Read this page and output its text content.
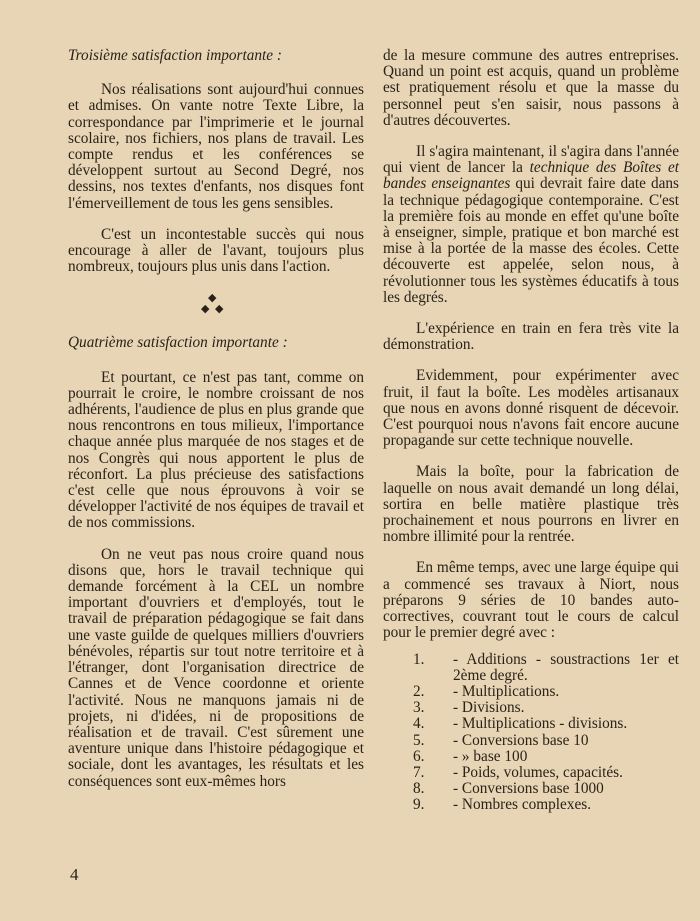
Troisième satisfaction importante :

Nos réalisations sont aujourd'hui connues et admises. On vante notre Texte Libre, la correspondance par l'imprimerie et le journal scolaire, nos fichiers, nos plans de travail. Les compte rendus et les conférences se développent surtout au Second Degré, nos dessins, nos textes d'enfants, nos disques font l'émerveillement de tous les gens sensibles.

C'est un incontestable succès qui nous encourage à aller de l'avant, toujours plus nombreux, toujours plus unis dans l'action.

◆
◆ ◆

Quatrième satisfaction importante :

Et pourtant, ce n'est pas tant, comme on pourrait le croire, le nombre croissant de nos adhérents, l'audience de plus en plus grande que nous rencontrons en tous milieux, l'importance chaque année plus marquée de nos stages et de nos Congrès qui nous apportent le plus de réconfort. La plus précieuse des satisfactions c'est celle que nous éprouvons à voir se développer l'activité de nos équipes de travail et de nos commissions.

On ne veut pas nous croire quand nous disons que, hors le travail technique qui demande forcément à la CEL un nombre important d'ouvriers et d'employés, tout le travail de préparation pédagogique se fait dans une vaste guilde de quelques milliers d'ouvriers bénévoles, répartis sur tout notre territoire et à l'étranger, dont l'organisation directrice de Cannes et de Vence coordonne et oriente l'activité. Nous ne manquons jamais ni de projets, ni d'idées, ni de propositions de réalisation et de travail. C'est sûrement une aventure unique dans l'histoire pédagogique et sociale, dont les avantages, les résultats et les conséquences sont eux-mêmes hors

de la mesure commune des autres entreprises. Quand un point est acquis, quand un problème est pratiquement résolu et que la masse du personnel peut s'en saisir, nous passons à d'autres découvertes.

Il s'agira maintenant, il s'agira dans l'année qui vient de lancer la technique des Boîtes et bandes enseignantes qui devrait faire date dans la technique pédagogique contemporaine. C'est la première fois au monde en effet qu'une boîte à enseigner, simple, pratique et bon marché est mise à la portée de la masse des écoles. Cette découverte est appelée, selon nous, à révolutionner tous les systèmes éducatifs à tous les degrés.

L'expérience en train en fera très vite la démonstration.

Evidemment, pour expérimenter avec fruit, il faut la boîte. Les modèles artisanaux que nous en avons donné risquent de décevoir. C'est pourquoi nous n'avons fait encore aucune propagande sur cette technique nouvelle.

Mais la boîte, pour la fabrication de laquelle on nous avait demandé un long délai, sortira en belle matière plastique très prochainement et nous pourrons en livrer en nombre illimité pour la rentrée.

En même temps, avec une large équipe qui a commencé ses travaux à Niort, nous préparons 9 séries de 10 bandes auto-correctives, couvrant tout le cours de calcul pour le premier degré avec :

1. - Additions - soustractions 1er et 2ème degré.
2. - Multiplications.
3. - Divisions.
4. - Multiplications - divisions.
5. - Conversions base 10
6. - » base 100
7. - Poids, volumes, capacités.
8. - Conversions base 1000
9. - Nombres complexes.
4
